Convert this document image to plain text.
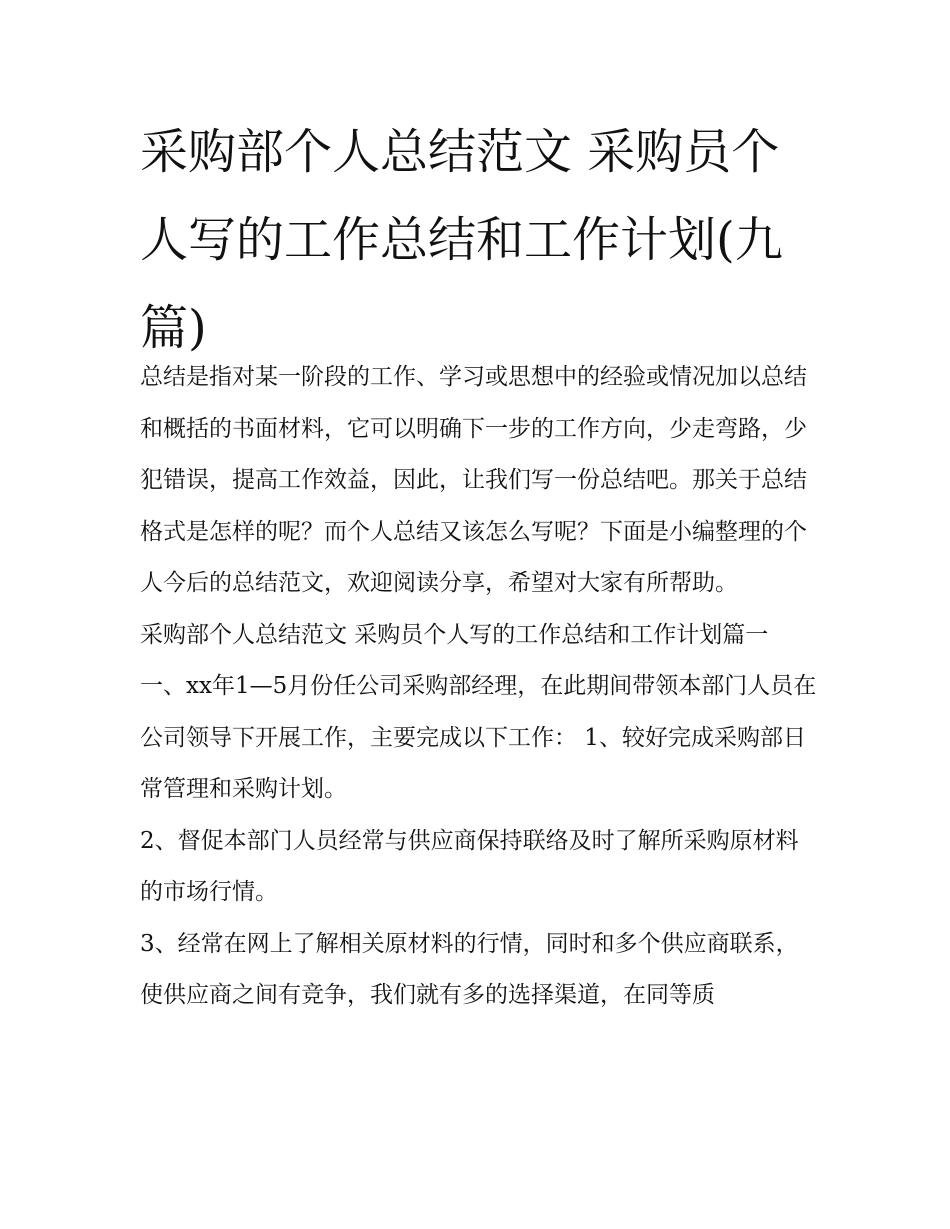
采购部个人总结范文 采购员个人写的工作总结和工作计划(九篇)

总结是指对某一阶段的工作、学习或思想中的经验或情况加以总结和概括的书面材料，它可以明确下一步的工作方向，少走弯路，少犯错误，提高工作效益，因此，让我们写一份总结吧。那关于总结格式是怎样的呢？而个人总结又该怎么写呢？下面是小编整理的个人今后的总结范文，欢迎阅读分享，希望对大家有所帮助。

采购部个人总结范文 采购员个人写的工作总结和工作计划篇一

一、xx年1—5月份任公司采购部经理，在此期间带领本部门人员在公司领导下开展工作，主要完成以下工作： 1、较好完成采购部日常管理和采购计划。

2、督促本部门人员经常与供应商保持联络及时了解所采购原材料的市场行情。

3、经常在网上了解相关原材料的行情，同时和多个供应商联系，使供应商之间有竞争，我们就有多的选择渠道，在同等质
